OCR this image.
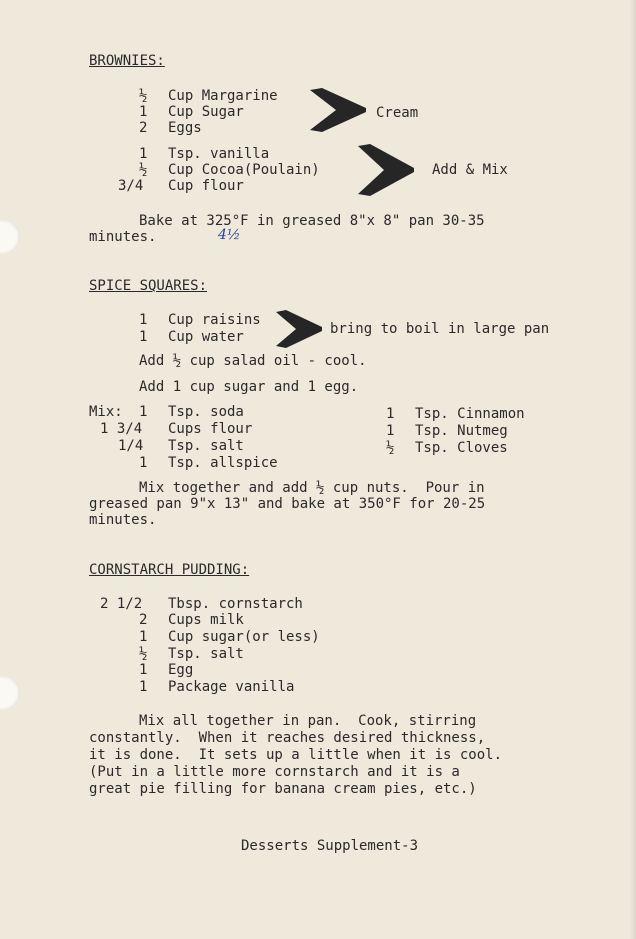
BROWNIES:
½ Cup Margarine
1 Cup Sugar
2 Eggs
Cream
1 Tsp. vanilla
½ Cup Cocoa(Poulain)
3/4 Cup flour
Add & Mix
Bake at 325°F in greased 8"x 8" pan 30-35
minutes.	4½
SPICE SQUARES:
1 Cup raisins
1 Cup water	bring to boil in large pan
Add ½ cup salad oil - cool.
Add 1 cup sugar and 1 egg.
Mix: 1 Tsp. soda
1 3/4 Cups flour
1/4 Tsp. salt
1 Tsp. allspice
1 Tsp. Cinnamon
1 Tsp. Nutmeg
½ Tsp. Cloves
Mix together and add ½ cup nuts.  Pour in
greased pan 9"x 13" and bake at 350°F for 20-25
minutes.
CORNSTARCH PUDDING:
2 1/2 Tbsp. cornstarch
2 Cups milk
1 Cup sugar(or less)
½ Tsp. salt
1 Egg
1 Package vanilla
Mix all together in pan.  Cook, stirring
constantly.  When it reaches desired thickness,
it is done.  It sets up a little when it is cool.
(Put in a little more cornstarch and it is a
great pie filling for banana cream pies, etc.)
Desserts Supplement-3
